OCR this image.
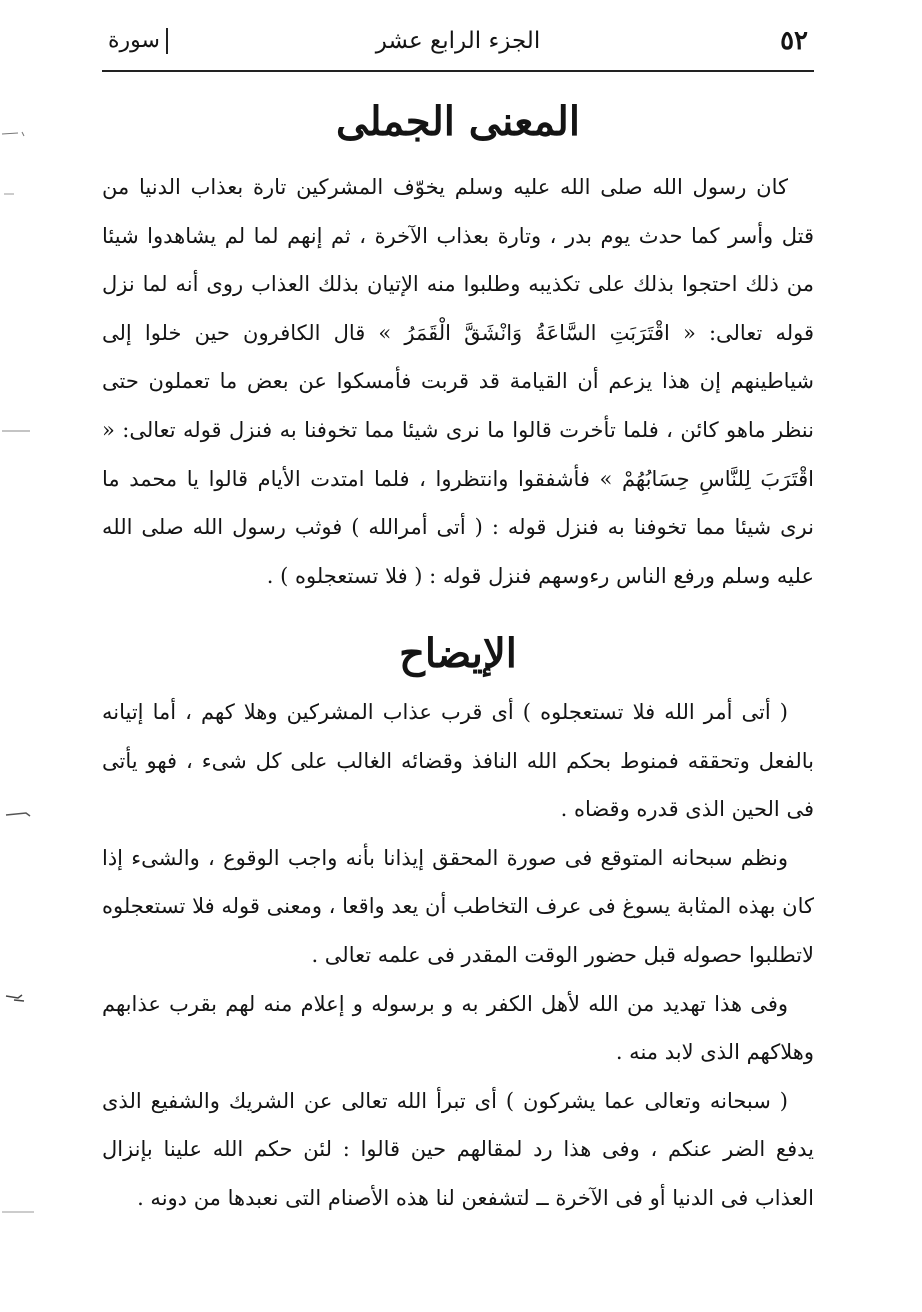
٥٢
الجزء الرابع عشر
سورة
المعنى الجملى

كان رسول الله صلى الله عليه وسلم يخوّف المشركين تارة بعذاب الدنيا من قتل وأسر كما حدث يوم بدر ، وتارة بعذاب الآخرة ، ثم إنهم لما لم يشاهدوا شيئا من ذلك احتجوا بذلك على تكذيبه وطلبوا منه الإتيان بذلك العذاب روى أنه لما نزل قوله تعالى: « اقْتَرَبَتِ السَّاعَةُ وَانْشَقَّ الْقَمَرُ » قال الكافرون حين خلوا إلى شياطينهم إن هذا يزعم أن القيامة قد قربت فأمسكوا عن بعض ما تعملون حتى ننظر ماهو كائن ، فلما تأخرت قالوا ما نرى شيئا مما تخوفنا به فنزل قوله تعالى: « اقْتَرَبَ لِلنَّاسِ حِسَابُهُمْ » فأشفقوا وانتظروا ، فلما امتدت الأيام قالوا يا محمد ما نرى شيئا مما تخوفنا به فنزل قوله : ( أتى أمرالله ) فوثب رسول الله صلى الله عليه وسلم ورفع الناس رءوسهم فنزل قوله : ( فلا تستعجلوه ) .

الإيضاح

( أتى أمر الله فلا تستعجلوه ) أى قرب عذاب المشركين وهلا كهم ، أما إتيانه بالفعل وتحققه فمنوط بحكم الله النافذ وقضائه الغالب على كل شىء ، فهو يأتى فى الحين الذى قدره وقضاه .

ونظم سبحانه المتوقع فى صورة المحقق إيذانا بأنه واجب الوقوع ، والشىء إذا كان بهذه المثابة يسوغ فى عرف التخاطب أن يعد واقعا ، ومعنى قوله فلا تستعجلوه لاتطلبوا حصوله قبل حضور الوقت المقدر فى علمه تعالى .

وفى هذا تهديد من الله لأهل الكفر به و برسوله و إعلام منه لهم بقرب عذابهم وهلاكهم الذى لابد منه .

( سبحانه وتعالى عما يشركون ) أى تبرأ الله تعالى عن الشريك والشفيع الذى يدفع الضر عنكم ، وفى هذا رد لمقالهم حين قالوا : لئن حكم الله علينا بإنزال العذاب فى الدنيا أو فى الآخرة ــ لتشفعن لنا هذه الأصنام التى نعبدها من دونه .
